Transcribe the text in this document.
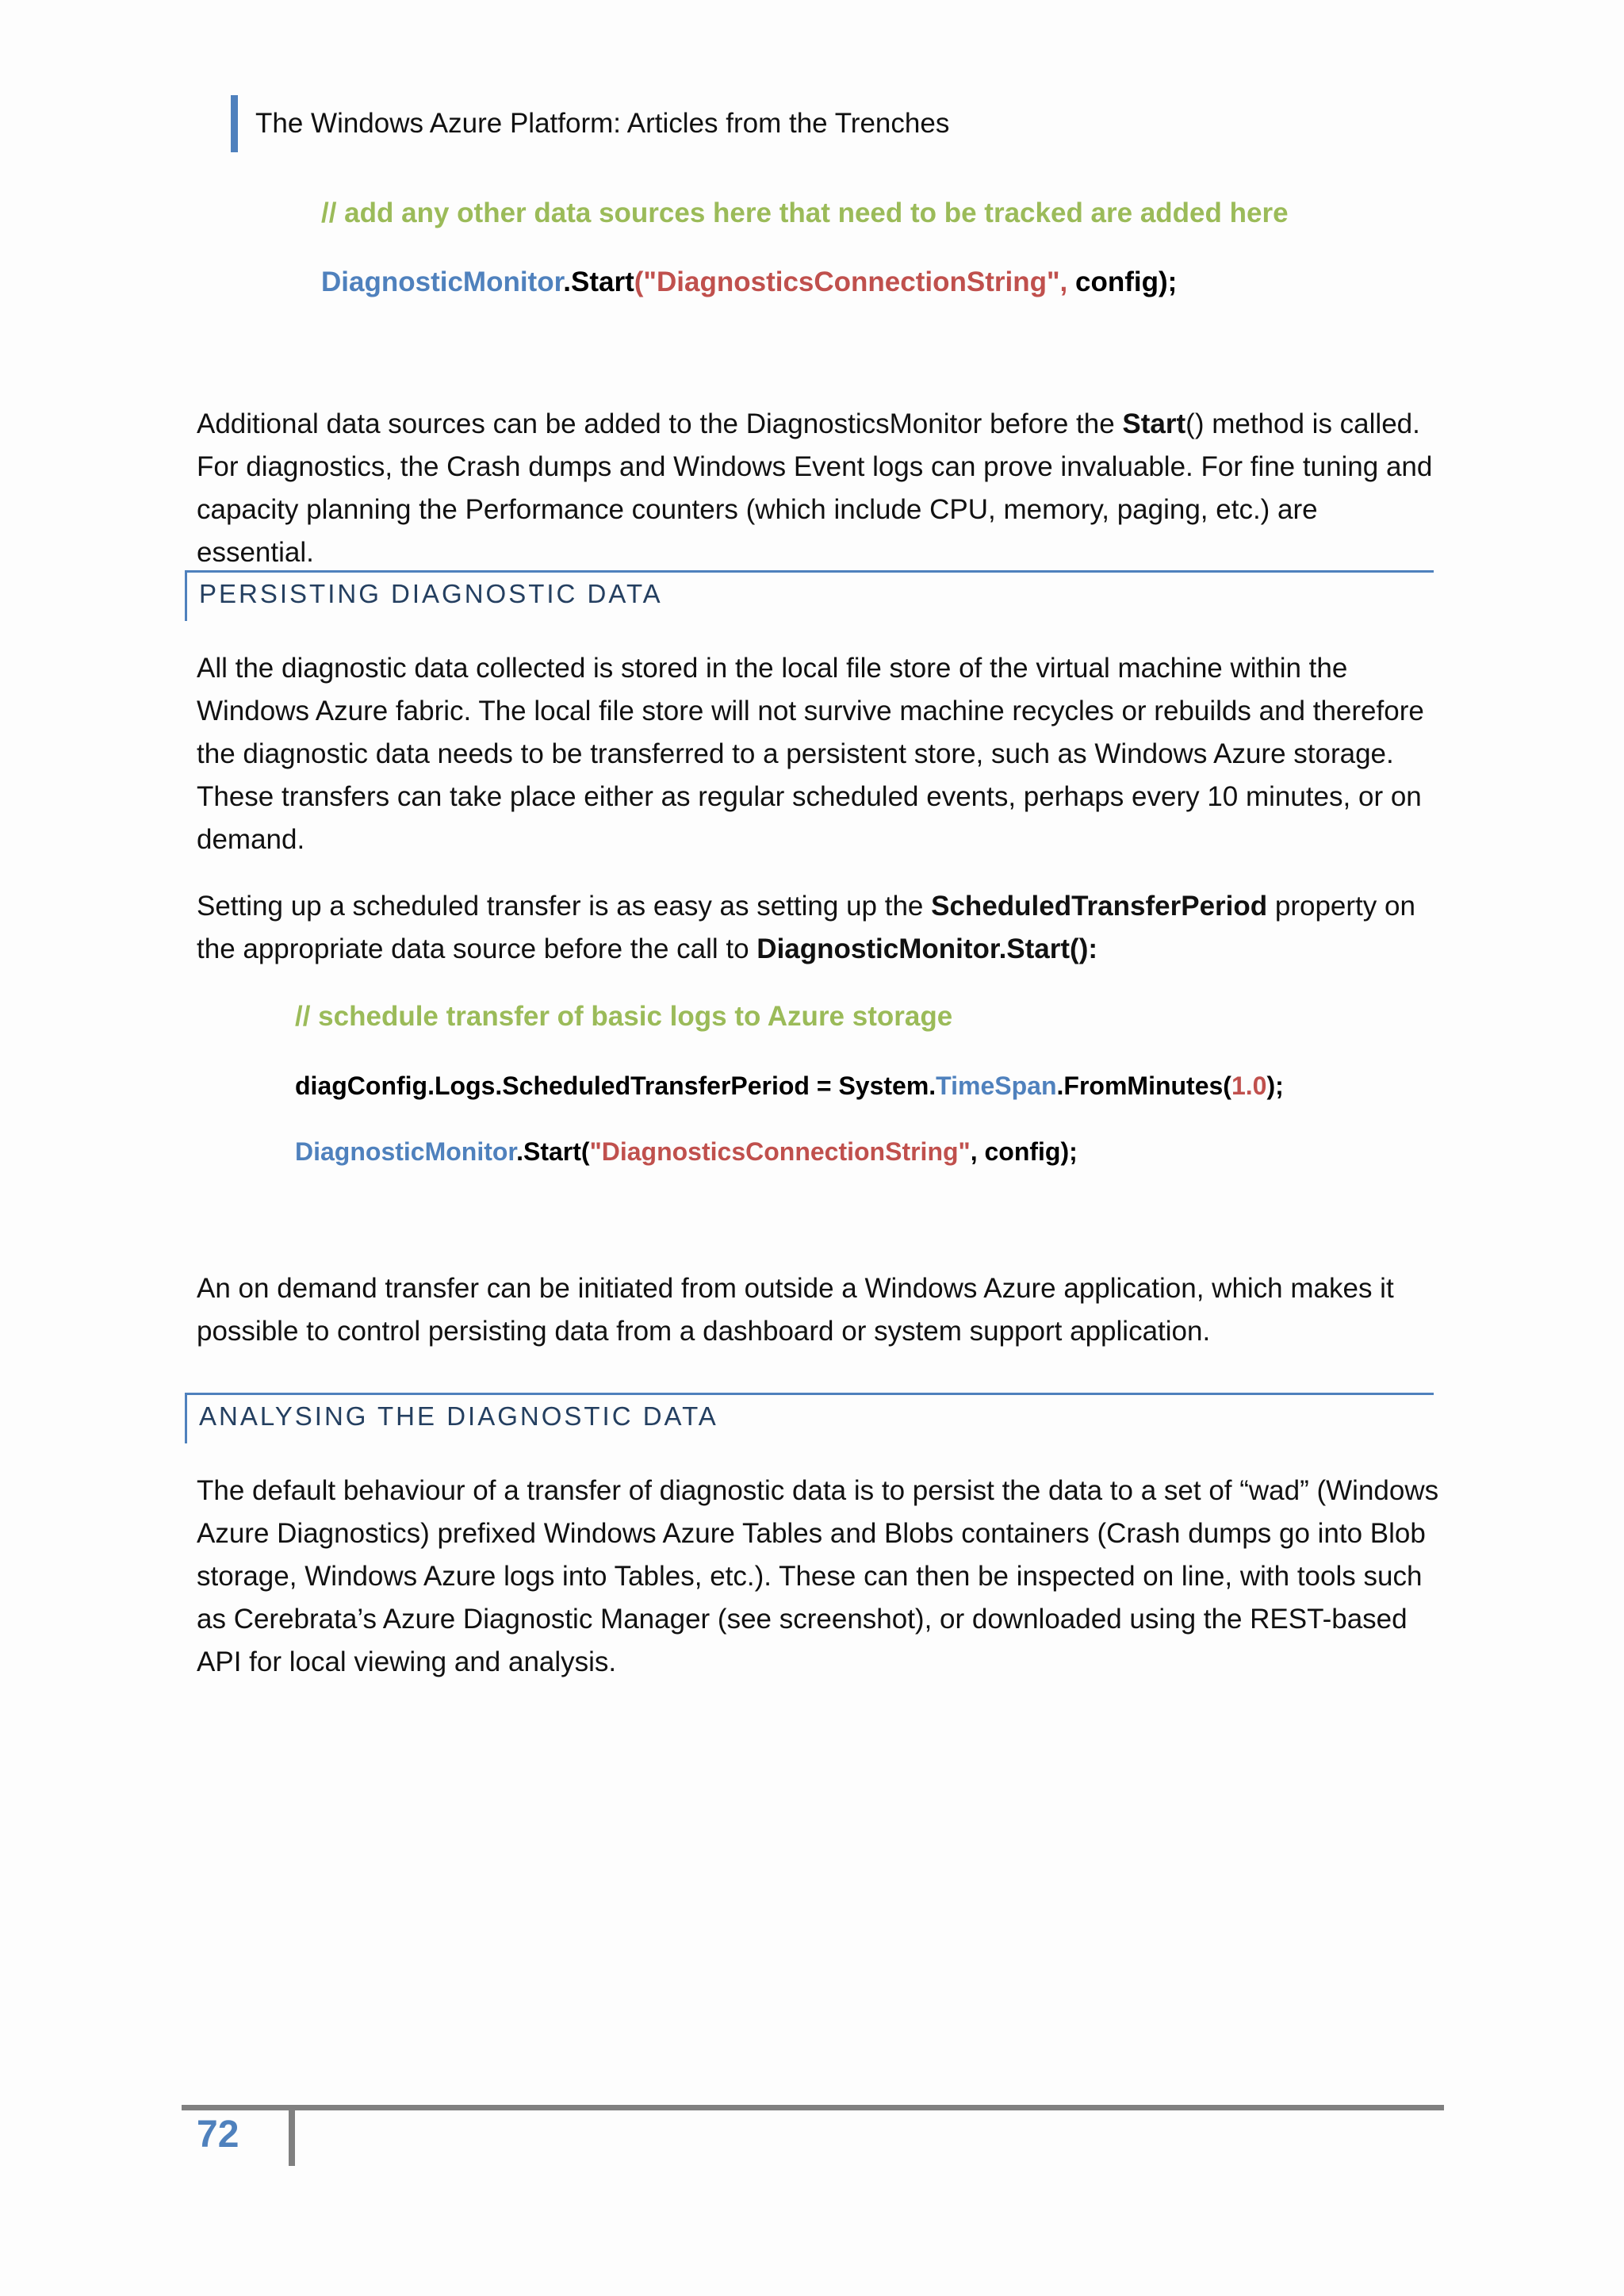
The Windows Azure Platform: Articles from the Trenches
// add any other data sources here that need to be tracked are added here
DiagnosticMonitor.Start("DiagnosticsConnectionString", config);
Additional data sources can be added to the DiagnosticsMonitor before the Start() method is called. For diagnostics, the Crash dumps and Windows Event logs can prove invaluable. For fine tuning and capacity planning the Performance counters (which include CPU, memory, paging, etc.) are essential.
PERSISTING DIAGNOSTIC DATA
All the diagnostic data collected is stored in the local file store of the virtual machine within the Windows Azure fabric. The local file store will not survive machine recycles or rebuilds and therefore the diagnostic data needs to be transferred to a persistent store, such as Windows Azure storage. These transfers can take place either as regular scheduled events, perhaps every 10 minutes, or on demand.
Setting up a scheduled transfer is as easy as setting up the ScheduledTransferPeriod property on the appropriate data source before the call to DiagnosticMonitor.Start():
// schedule transfer of basic logs to Azure storage
diagConfig.Logs.ScheduledTransferPeriod = System.TimeSpan.FromMinutes(1.0);
DiagnosticMonitor.Start("DiagnosticsConnectionString", config);
An on demand transfer can be initiated from outside a Windows Azure application, which makes it possible to control persisting data from a dashboard or system support application.
ANALYSING THE DIAGNOSTIC DATA
The default behaviour of a transfer of diagnostic data is to persist the data to a set of “wad” (Windows Azure Diagnostics) prefixed Windows Azure Tables and Blobs containers (Crash dumps go into Blob storage, Windows Azure logs into Tables, etc.). These can then be inspected on line, with tools such as Cerebrata’s Azure Diagnostic Manager (see screenshot), or downloaded using the REST-based API for local viewing and analysis.
72
